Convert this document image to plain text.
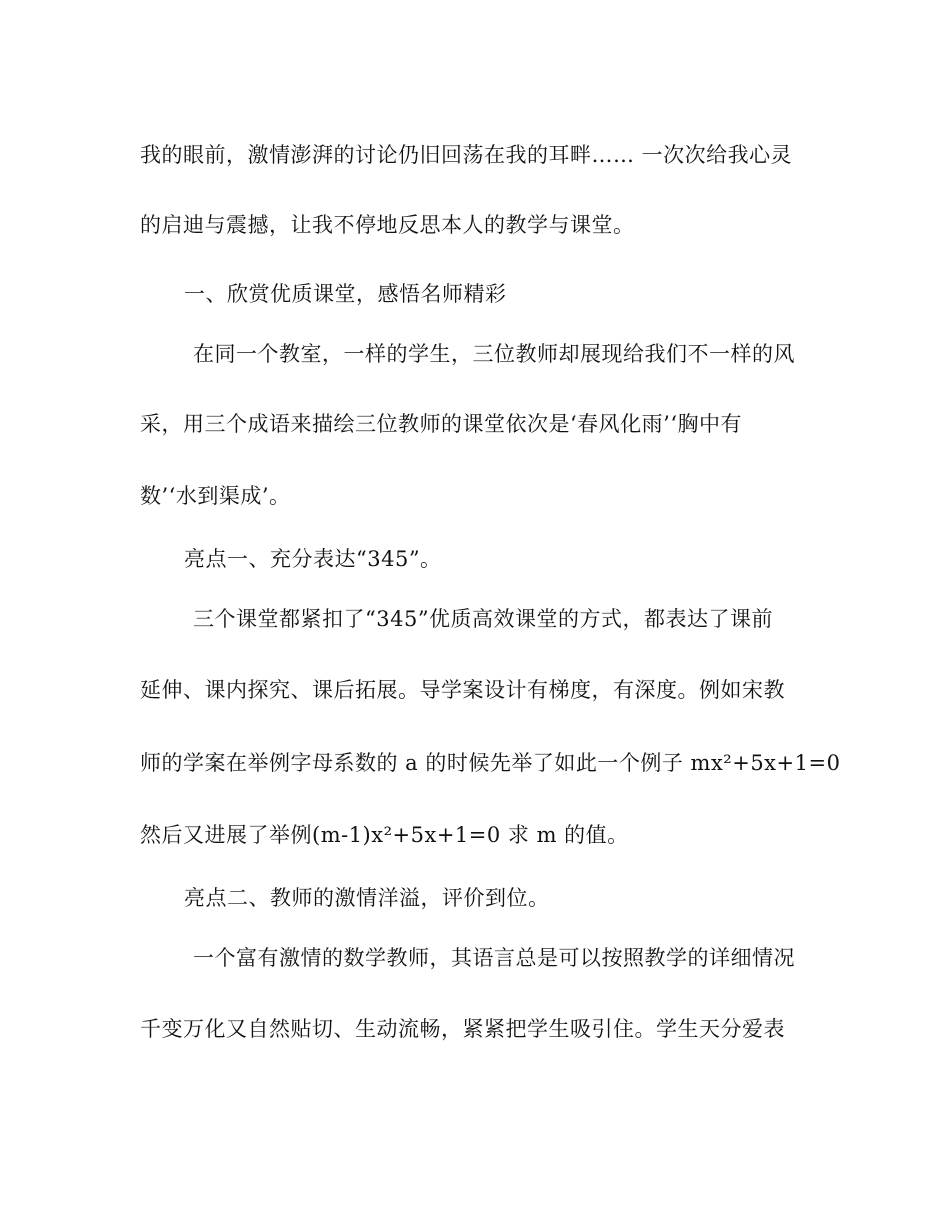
我的眼前，激情澎湃的讨论仍旧回荡在我的耳畔…… 一次次给我心灵
的启迪与震撼，让我不停地反思本人的教学与课堂。
一、欣赏优质课堂，感悟名师精彩
在同一个教室，一样的学生，三位教师却展现给我们不一样的风
采，用三个成语来描绘三位教师的课堂依次是‘春风化雨’‘胸中有
数’‘水到渠成’。
亮点一、充分表达“345”。
三个课堂都紧扣了“345”优质高效课堂的方式，都表达了课前
延伸、课内探究、课后拓展。导学案设计有梯度，有深度。例如宋教
师的学案在举例字母系数的 a 的时候先举了如此一个例子 mx²+5x+1=0
然后又进展了举例(m-1)x²+5x+1=0 求 m 的值。
亮点二、教师的激情洋溢，评价到位。
一个富有激情的数学教师，其语言总是可以按照教学的详细情况
千变万化又自然贴切、生动流畅，紧紧把学生吸引住。学生天分爱表
